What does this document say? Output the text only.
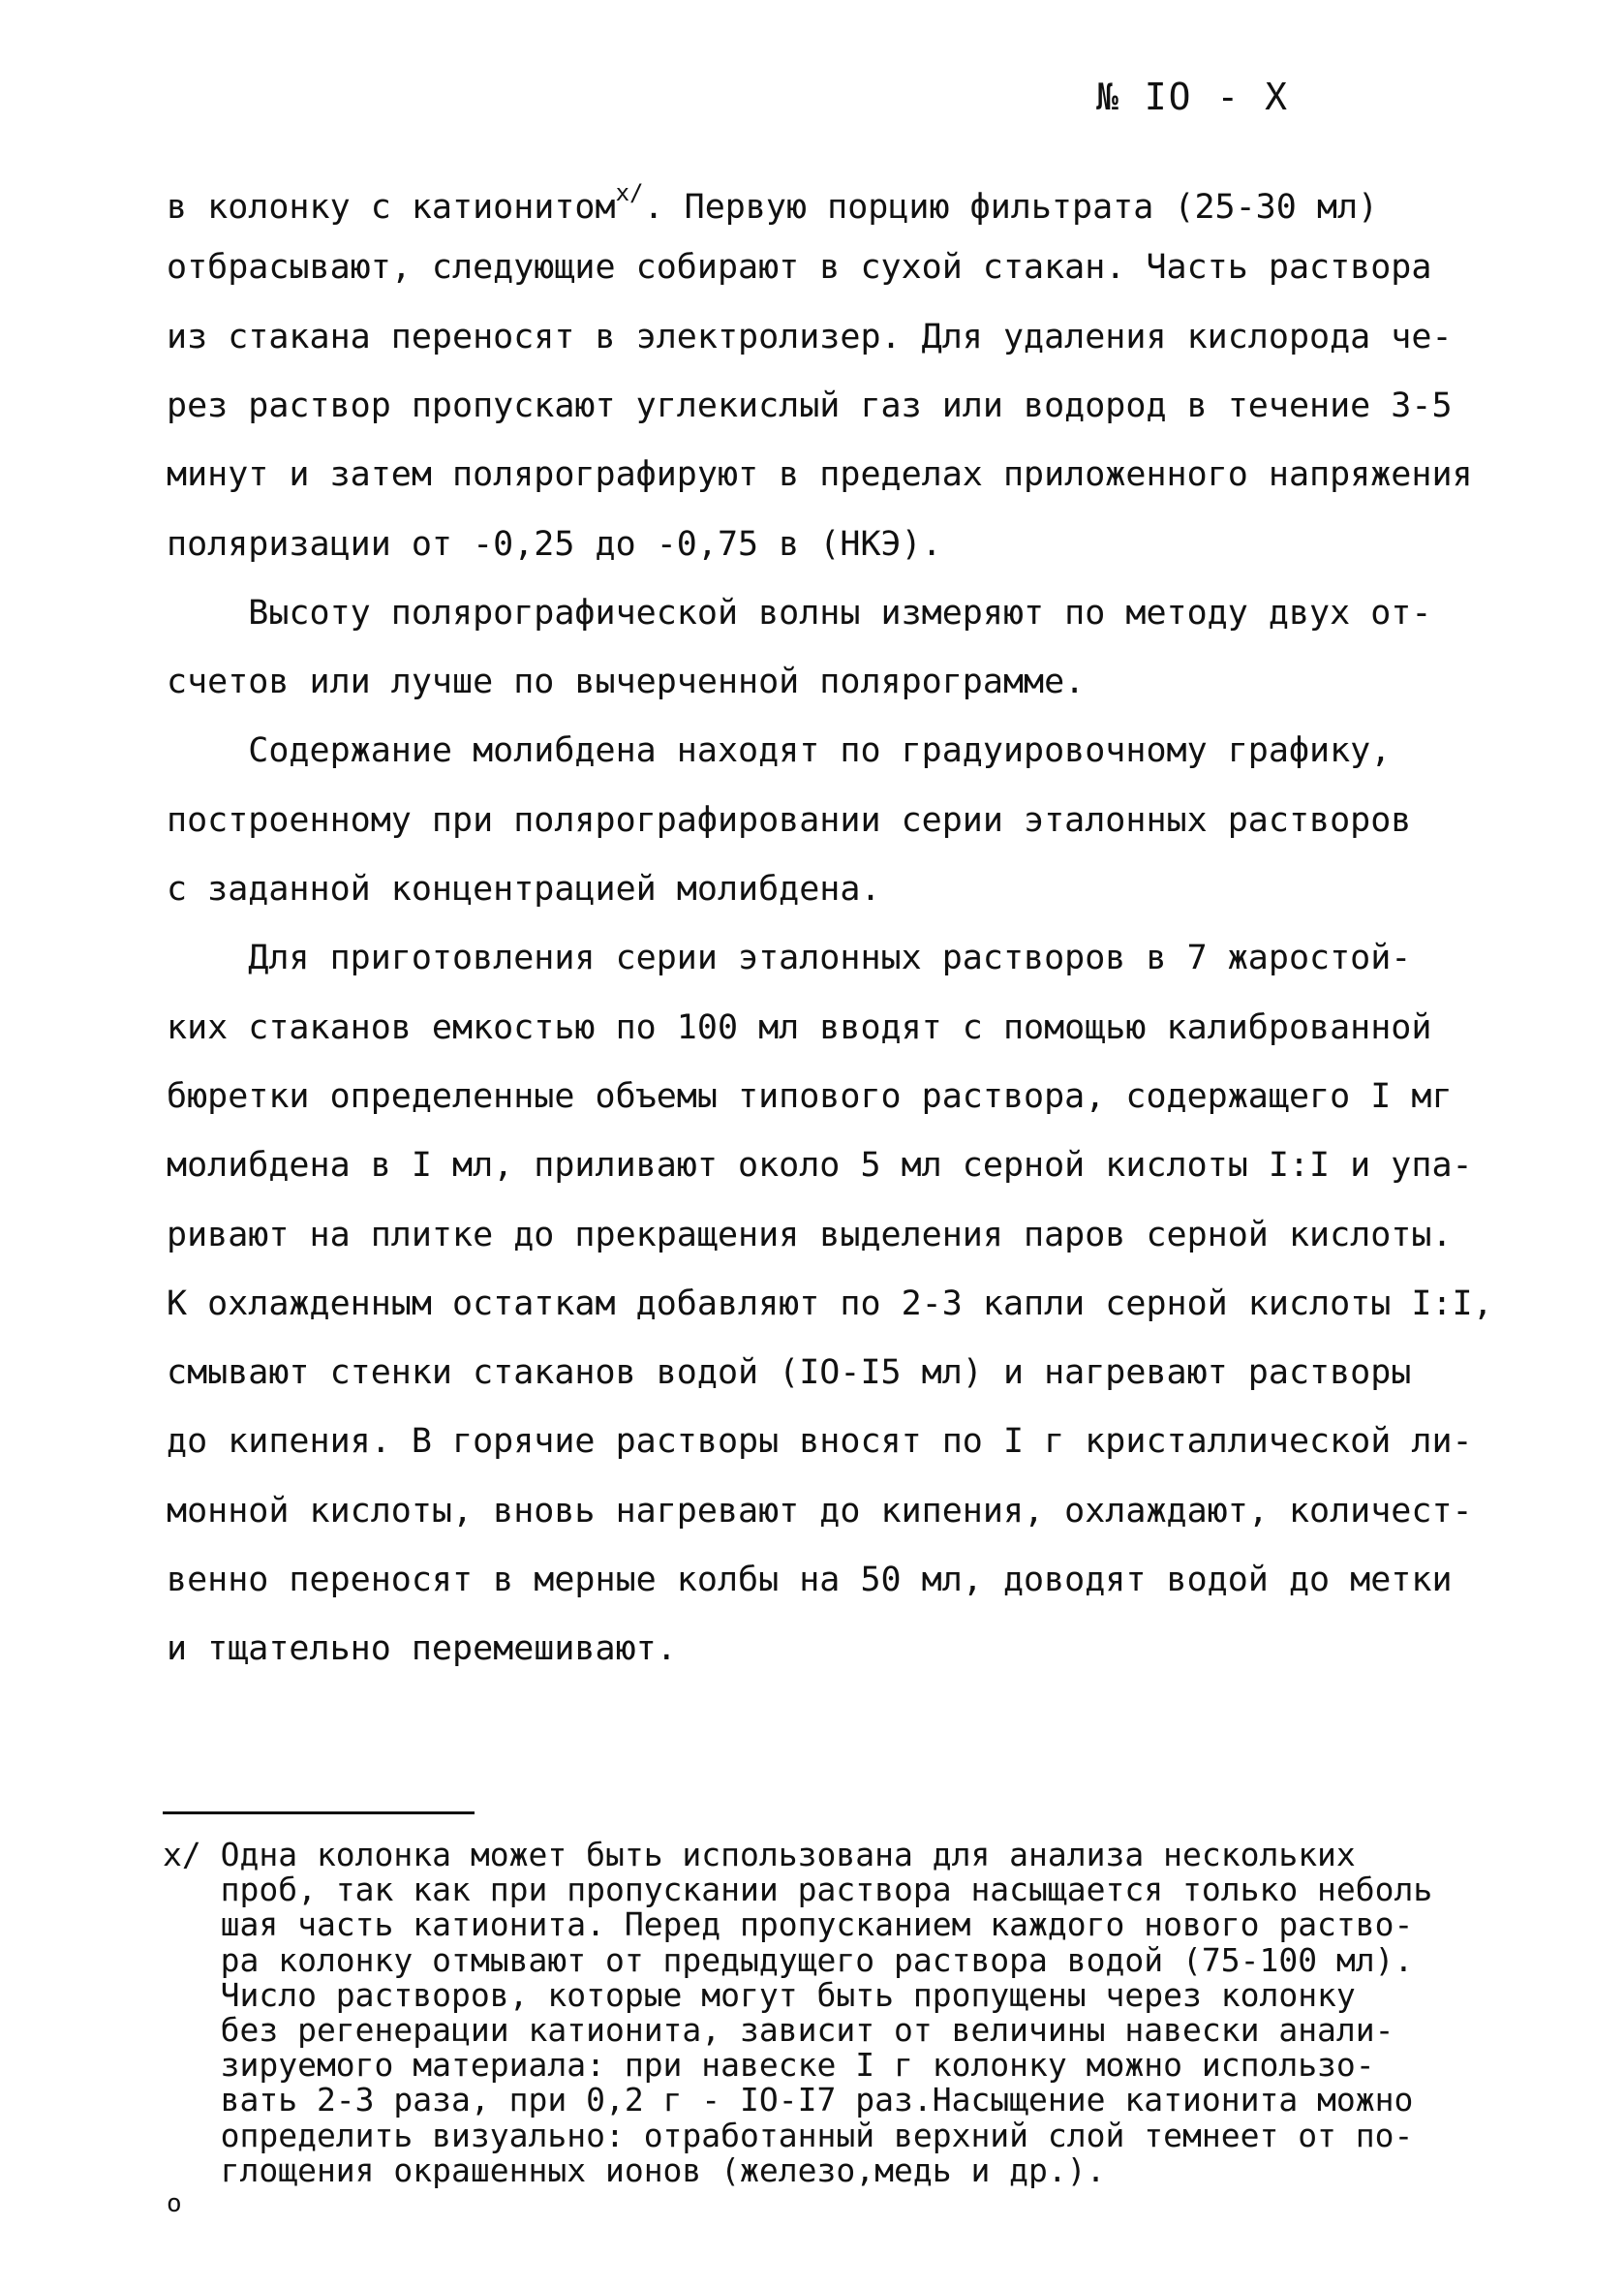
№ IO - X
в колонку с катионитом$^{x/}$. Первую порцию фильтрата (25-30 мл)
отбрасывают, следующие собирают в сухой стакан. Часть раствора
из стакана переносят в электролизер. Для удаления кислорода че-
рез раствор пропускают углекислый газ или водород в течение 3-5
минут и затем полярографируют в пределах приложенного напряжения
поляризации от -0,25 до -0,75 в (НКЭ).
Высоту полярографической волны измеряют по методу двух от-
счетов или лучше по вычерченной полярограмме.
Содержание молибдена находят по градуировочному графику,
построенному при полярографировании серии эталонных растворов
с заданной концентрацией молибдена.
Для приготовления серии эталонных растворов в 7 жаростой-
ких стаканов емкостью по 100 мл вводят с помощью калиброванной
бюретки определенные объемы типового раствора, содержащего I мг
молибдена в I мл, приливают около 5 мл серной кислоты I:I и упа-
ривают на плитке до прекращения выделения паров серной кислоты.
К охлажденным остаткам добавляют по 2-3 капли серной кислоты I:I,
смывают стенки стаканов водой (IO-I5 мл) и нагревают растворы
до кипения. В горячие растворы вносят по I г кристаллической ли-
монной кислоты, вновь нагревают до кипения, охлаждают, количест-
венно переносят в мерные колбы на 50 мл, доводят водой до метки
и тщательно перемешивают.
x/ Одна колонка может быть использована для анализа нескольких
проб, так как при пропускании раствора насыщается только неболь
шая часть катионита. Перед пропусканием каждого нового раство-
ра колонку отмывают от предыдущего раствора водой (75-100 мл).
Число растворов, которые могут быть пропущены через колонку
без регенерации катионита, зависит от величины навески анали-
зируемого материала: при навеске I г колонку можно использо-
вать 2-3 раза, при 0,2 г - IO-I7 раз.Насыщение катионита можно
определить визуально: отработанный верхний слой темнеет от по-
глощения окрашенных ионов (железо,медь и др.).
o
